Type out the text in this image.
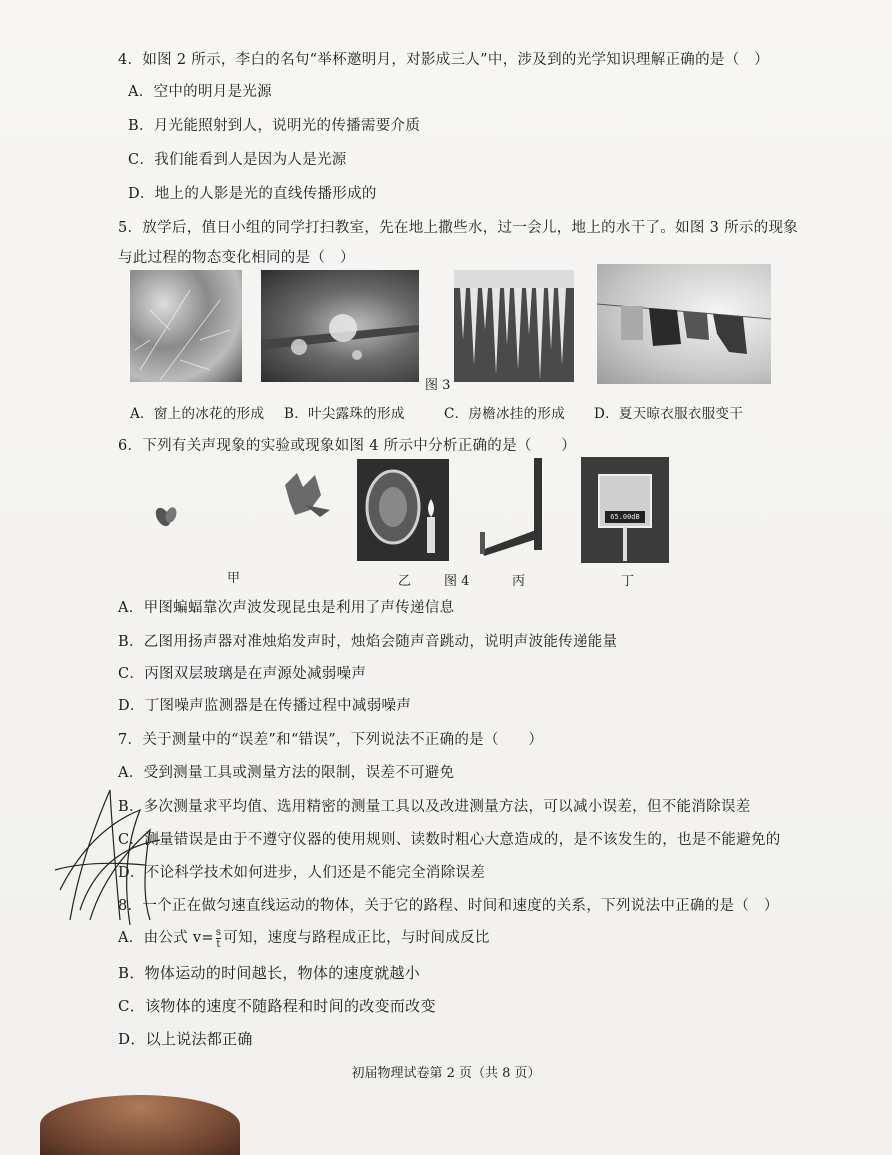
4．如图 2 所示，李白的名句“举杯邀明月，对影成三人”中，涉及到的光学知识理解正确的是（　）
A．空中的明月是光源
B．月光能照射到人，说明光的传播需要介质
C．我们能看到人是因为人是光源
D．地上的人影是光的直线传播形成的
5．放学后，值日小组的同学打扫教室，先在地上撒些水，过一会儿，地上的水干了。如图 3 所示的现象
与此过程的物态变化相同的是（　）
图 3
A．窗上的冰花的形成 B．叶尖露珠的形成	C．房檐冰挂的形成 D．夏天晾衣服衣服变干
6．下列有关声现象的实验或现象如图 4 所示中分析正确的是（　　）
65.00dB
甲	乙	图 4	丙	丁
A．甲图蝙蝠靠次声波发现昆虫是利用了声传递信息
B．乙图用扬声器对准烛焰发声时，烛焰会随声音跳动，说明声波能传递能量
C．丙图双层玻璃是在声源处减弱噪声
D．丁图噪声监测器是在传播过程中减弱噪声
7．关于测量中的“误差”和“错误”，下列说法不正确的是（　　）
A．受到测量工具或测量方法的限制，误差不可避免
B．多次测量求平均值、选用精密的测量工具以及改进测量方法，可以减小误差，但不能消除误差
C．测量错误是由于不遵守仪器的使用规则、读数时粗心大意造成的，是不该发生的，也是不能避免的
D．不论科学技术如何进步，人们还是不能完全消除误差
8．一个正在做匀速直线运动的物体，关于它的路程、时间和速度的关系，下列说法中正确的是（　）
A．由公式 $v= \frac{s}{t}$ 可知，速度与路程成正比，与时间成反比
B．物体运动的时间越长，物体的速度就越小
C．该物体的速度不随路程和时间的改变而改变
D．以上说法都正确
初届物理试卷第 2 页（共 8 页）
